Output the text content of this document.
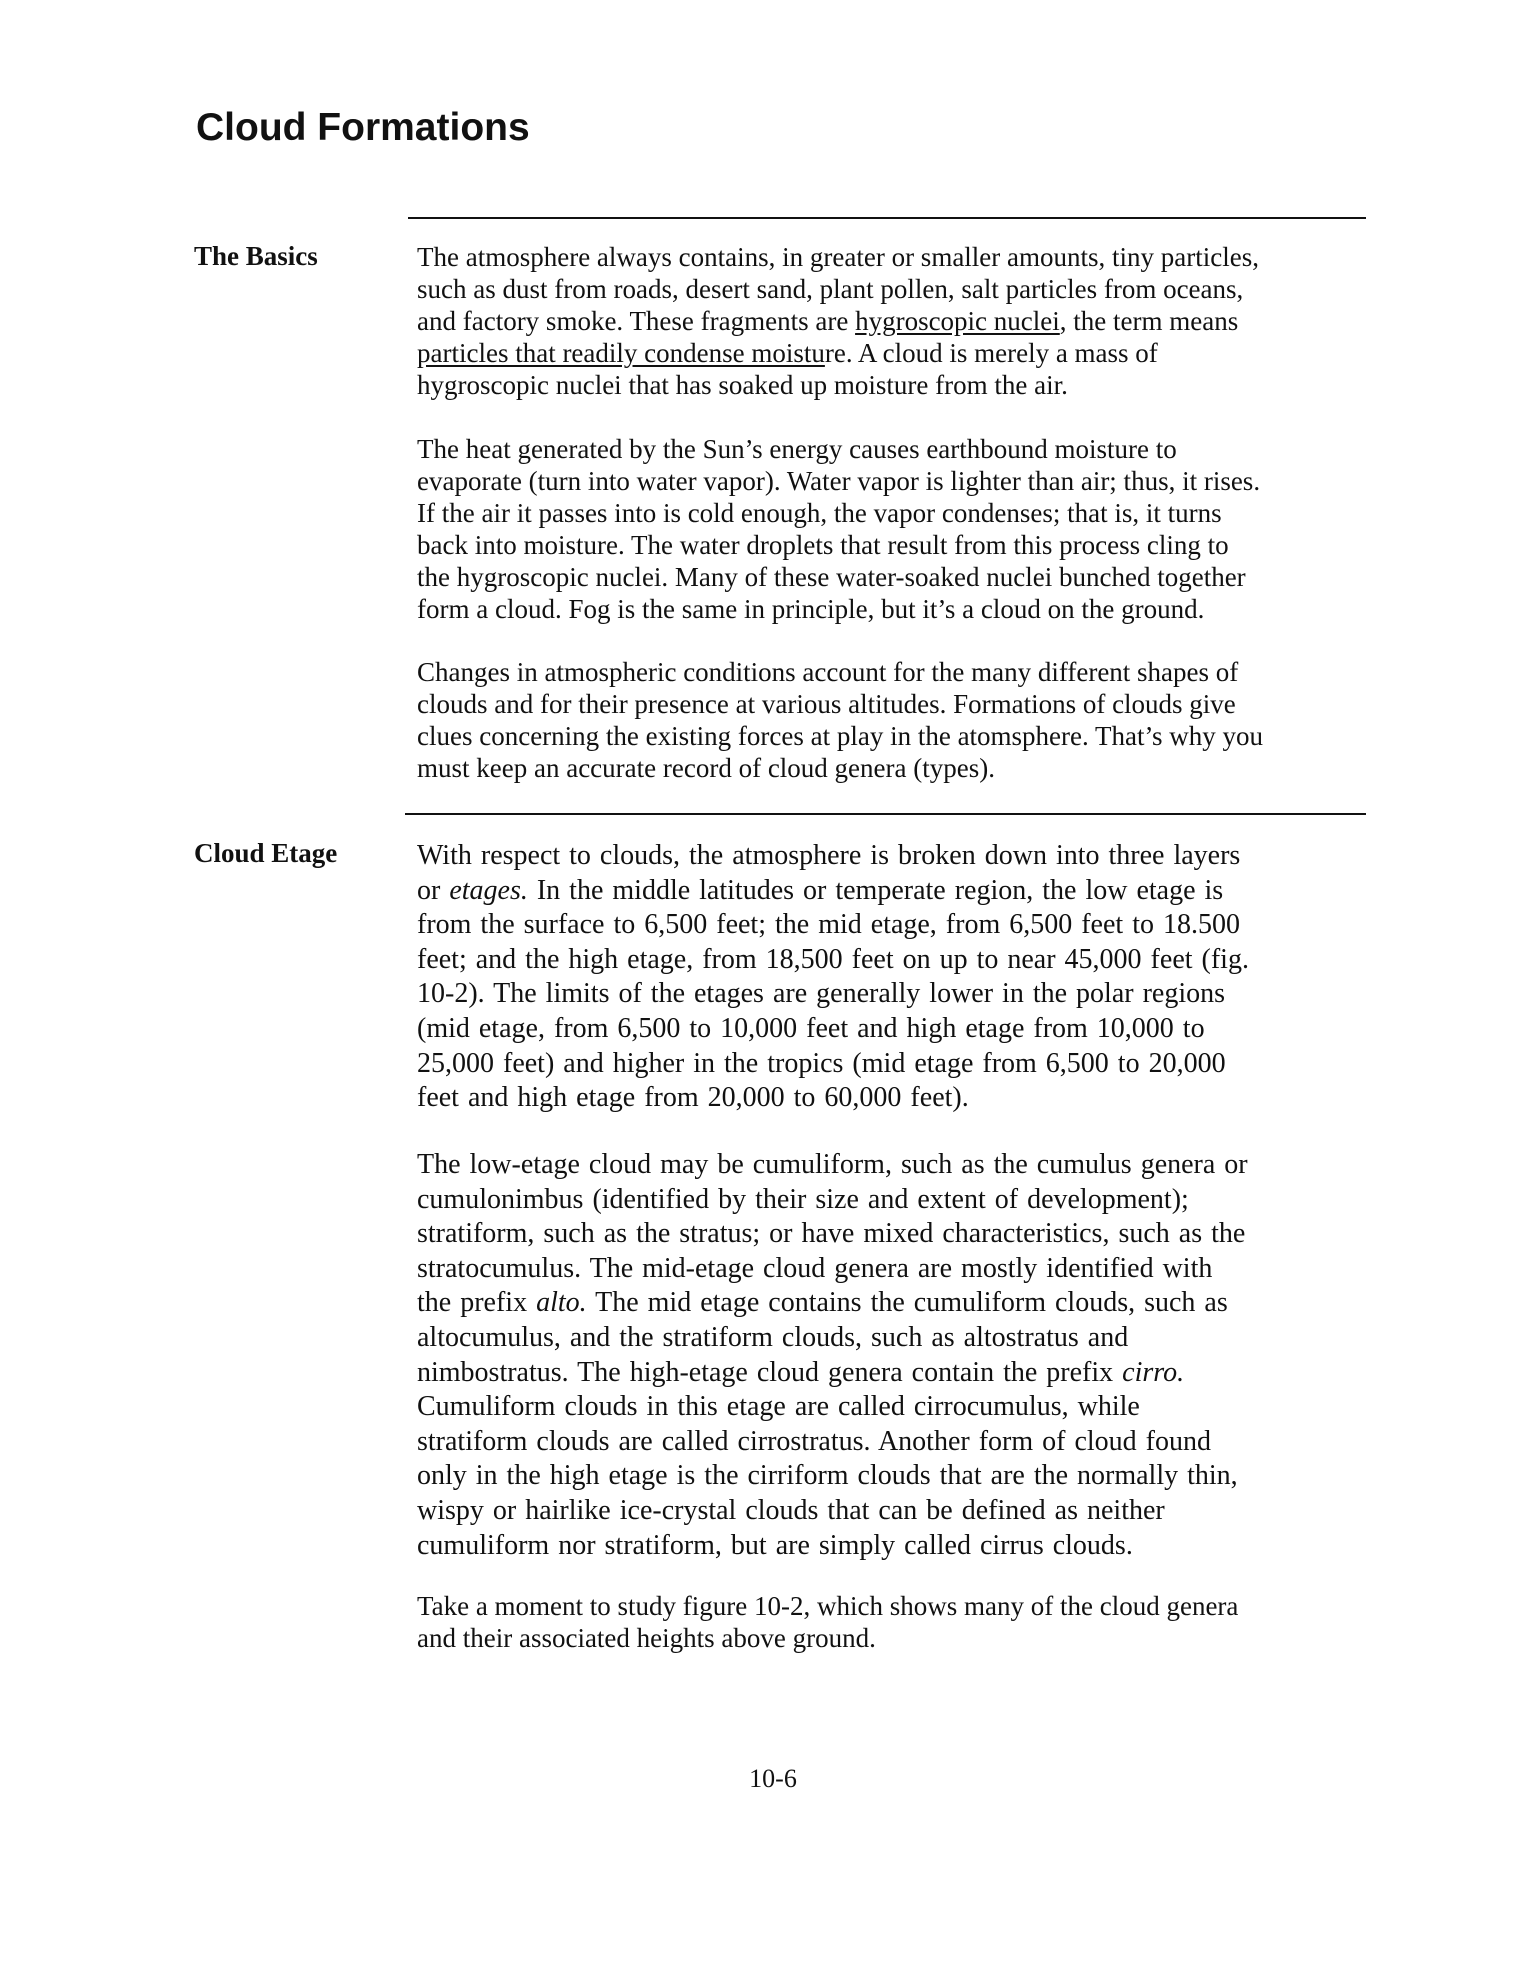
Cloud Formations
The Basics	The atmosphere always contains, in greater or smaller amounts, tiny particles,
such as dust from roads, desert sand, plant pollen, salt particles from oceans,
and factory smoke. These fragments are hygroscopic nuclei, the term means
particles that readily condense moisture. A cloud is merely a mass of
hygroscopic nuclei that has soaked up moisture from the air.
The heat generated by the Sun’s energy causes earthbound moisture to
evaporate (turn into water vapor). Water vapor is lighter than air; thus, it rises.
If the air it passes into is cold enough, the vapor condenses; that is, it turns
back into moisture. The water droplets that result from this process cling to
the hygroscopic nuclei. Many of these water-soaked nuclei bunched together
form a cloud. Fog is the same in principle, but it’s a cloud on the ground.
Changes in atmospheric conditions account for the many different shapes of
clouds and for their presence at various altitudes. Formations of clouds give
clues concerning the existing forces at play in the atomsphere. That’s why you
must keep an accurate record of cloud genera (types).
Cloud Etage	With respect to clouds, the atmosphere is broken down into three layers
or etages. In the middle latitudes or temperate region, the low etage is
from the surface to 6,500 feet; the mid etage, from 6,500 feet to 18.500
feet; and the high etage, from 18,500 feet on up to near 45,000 feet (fig.
10-2). The limits of the etages are generally lower in the polar regions
(mid etage, from 6,500 to 10,000 feet and high etage from 10,000 to
25,000 feet) and higher in the tropics (mid etage from 6,500 to 20,000
feet and high etage from 20,000 to 60,000 feet).
The low-etage cloud may be cumuliform, such as the cumulus genera or
cumulonimbus (identified by their size and extent of development);
stratiform, such as the stratus; or have mixed characteristics, such as the
stratocumulus. The mid-etage cloud genera are mostly identified with
the prefix alto. The mid etage contains the cumuliform clouds, such as
altocumulus, and the stratiform clouds, such as altostratus and
nimbostratus. The high-etage cloud genera contain the prefix cirro.
Cumuliform clouds in this etage are called cirrocumulus, while
stratiform clouds are called cirrostratus. Another form of cloud found
only in the high etage is the cirriform clouds that are the normally thin,
wispy or hairlike ice-crystal clouds that can be defined as neither
cumuliform nor stratiform, but are simply called cirrus clouds.
Take a moment to study figure 10-2, which shows many of the cloud genera
and their associated heights above ground.
10-6
